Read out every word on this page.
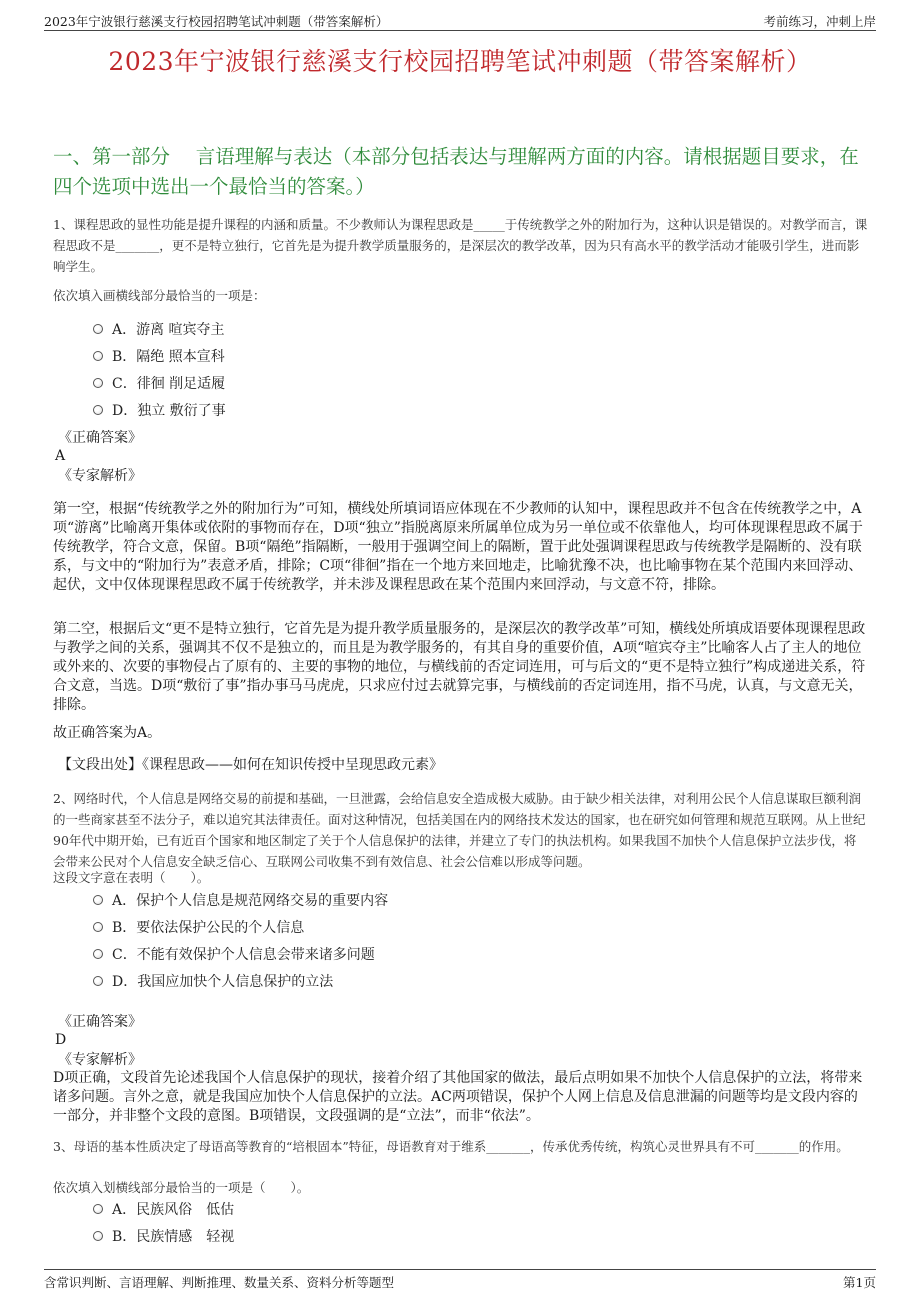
2023年宁波银行慈溪支行校园招聘笔试冲刺题（带答案解析）	考前练习，冲刺上岸
2023年宁波银行慈溪支行校园招聘笔试冲刺题（带答案解析）
一、第一部分　 言语理解与表达（本部分包括表达与理解两方面的内容。请根据题目要求，在四个选项中选出一个最恰当的答案。）
1、课程思政的显性功能是提升课程的内涵和质量。不少教师认为课程思政是_____于传统教学之外的附加行为，这种认识是错误的。对教学而言，课程思政不是_______，更不是特立独行，它首先是为提升教学质量服务的，是深层次的教学改革，因为只有高水平的教学活动才能吸引学生，进而影响学生。
依次填入画横线部分最恰当的一项是：
A．游离 喧宾夺主
B．隔绝 照本宣科
C．徘徊 削足适履
D．独立 敷衍了事
《正确答案》
A
《专家解析》
第一空，根据“传统教学之外的附加行为”可知，横线处所填词语应体现在不少教师的认知中，课程思政并不包含在传统教学之中，A项“游离”比喻离开集体或依附的事物而存在，D项“独立”指脱离原来所属单位成为另一单位或不依靠他人，均可体现课程思政不属于传统教学，符合文意，保留。B项“隔绝”指隔断，一般用于强调空间上的隔断，置于此处强调课程思政与传统教学是隔断的、没有联系，与文中的“附加行为”表意矛盾，排除；C项“徘徊”指在一个地方来回地走，比喻犹豫不决，也比喻事物在某个范围内来回浮动、起伏，文中仅体现课程思政不属于传统教学，并未涉及课程思政在某个范围内来回浮动，与文意不符，排除。
第二空，根据后文“更不是特立独行，它首先是为提升教学质量服务的，是深层次的教学改革”可知，横线处所填成语要体现课程思政与教学之间的关系，强调其不仅不是独立的，而且是为教学服务的，有其自身的重要价值，A项“喧宾夺主”比喻客人占了主人的地位或外来的、次要的事物侵占了原有的、主要的事物的地位，与横线前的否定词连用，可与后文的“更不是特立独行”构成递进关系，符合文意，当选。D项“敷衍了事”指办事马马虎虎，只求应付过去就算完事，与横线前的否定词连用，指不马虎，认真，与文意无关，排除。
故正确答案为A。
【文段出处】《课程思政——如何在知识传授中呈现思政元素》
2、网络时代，个人信息是网络交易的前提和基础，一旦泄露，会给信息安全造成极大威胁。由于缺少相关法律，对利用公民个人信息谋取巨额利润的一些商家甚至不法分子，难以追究其法律责任。面对这种情况，包括美国在内的网络技术发达的国家，也在研究如何管理和规范互联网。从上世纪90年代中期开始，已有近百个国家和地区制定了关于个人信息保护的法律，并建立了专门的执法机构。如果我国不加快个人信息保护立法步伐，将会带来公民对个人信息安全缺乏信心、互联网公司收集不到有效信息、社会公信难以形成等问题。
这段文字意在表明（　　）。
A．保护个人信息是规范网络交易的重要内容
B．要依法保护公民的个人信息
C．不能有效保护个人信息会带来诸多问题
D．我国应加快个人信息保护的立法
《正确答案》
D
《专家解析》
D项正确，文段首先论述我国个人信息保护的现状，接着介绍了其他国家的做法，最后点明如果不加快个人信息保护的立法，将带来诸多问题。言外之意，就是我国应加快个人信息保护的立法。AC两项错误，保护个人网上信息及信息泄漏的问题等均是文段内容的一部分，并非整个文段的意图。B项错误，文段强调的是“立法”，而非“依法”。
3、母语的基本性质决定了母语高等教育的“培根固本”特征，母语教育对于维系_______，传承优秀传统，构筑心灵世界具有不可_______的作用。
依次填入划横线部分最恰当的一项是（　　）。
A．民族风俗　低估
B．民族情感　轻视
含常识判断、言语理解、判断推理、数量关系、资料分析等题型	第1页
